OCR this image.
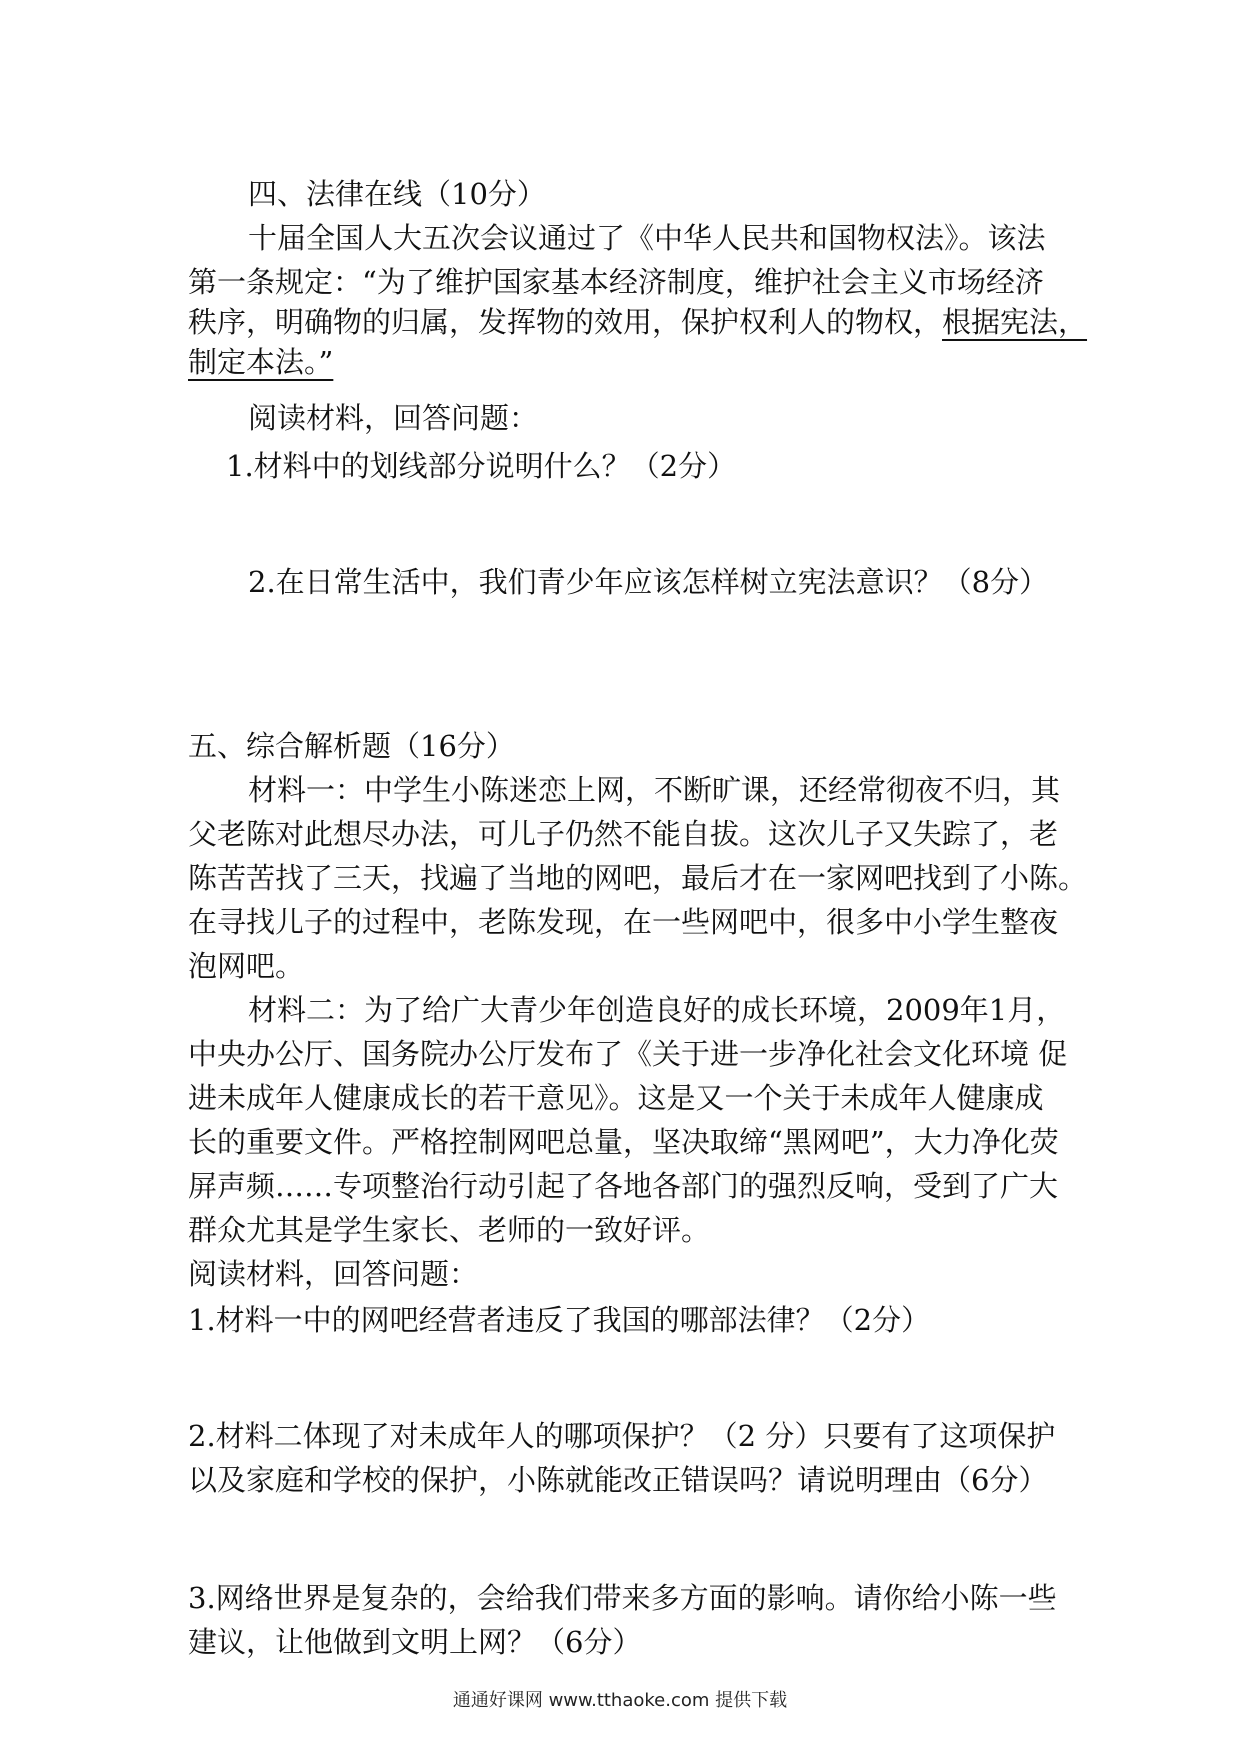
四、法律在线（10分）
十届全国人大五次会议通过了《中华人民共和国物权法》。该法
第一条规定：“为了维护国家基本经济制度，维护社会主义市场经济
秩序，明确物的归属，发挥物的效用，保护权利人的物权，根据宪法，
制定本法。”
阅读材料，回答问题：
1.材料中的划线部分说明什么？（2分）
2.在日常生活中，我们青少年应该怎样树立宪法意识？（8分）
五、综合解析题（16分）
材料一：中学生小陈迷恋上网，不断旷课，还经常彻夜不归，其
父老陈对此想尽办法，可儿子仍然不能自拔。这次儿子又失踪了，老
陈苦苦找了三天，找遍了当地的网吧，最后才在一家网吧找到了小陈。
在寻找儿子的过程中，老陈发现，在一些网吧中，很多中小学生整夜
泡网吧。
材料二：为了给广大青少年创造良好的成长环境，2009年1月，
中央办公厅、国务院办公厅发布了《关于进一步净化社会文化环境 促
进未成年人健康成长的若干意见》。这是又一个关于未成年人健康成
长的重要文件。严格控制网吧总量，坚决取缔“黑网吧”，大力净化荧
屏声频……专项整治行动引起了各地各部门的强烈反响，受到了广大
群众尤其是学生家长、老师的一致好评。
阅读材料，回答问题：
1.材料一中的网吧经营者违反了我国的哪部法律？（2分）
2.材料二体现了对未成年人的哪项保护？（2 分）只要有了这项保护
以及家庭和学校的保护，小陈就能改正错误吗？请说明理由（6分）
3.网络世界是复杂的，会给我们带来多方面的影响。请你给小陈一些
建议，让他做到文明上网？（6分）
通通好课网 www.tthaoke.com 提供下载
